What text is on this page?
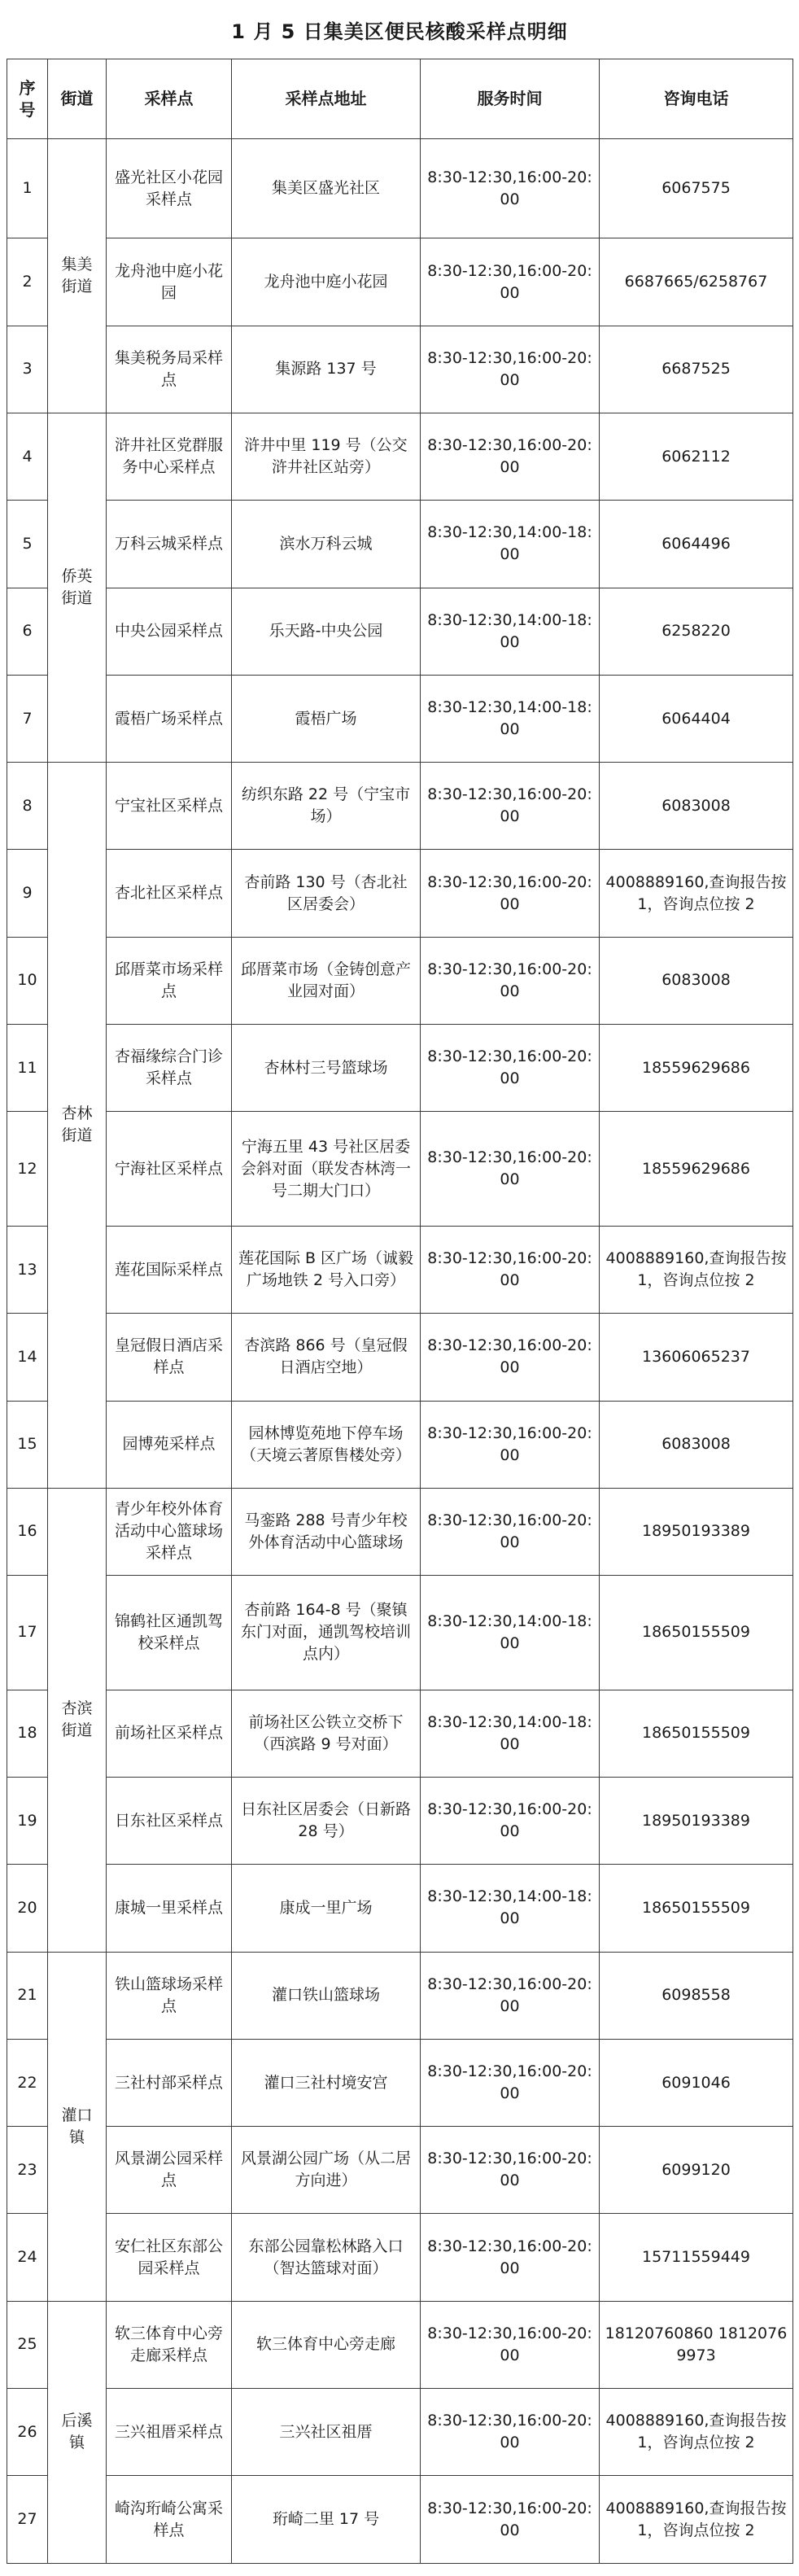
1 月 5 日集美区便民核酸采样点明细
序号	街道	采样点	采样点地址	服务时间	咨询电话
1	集美街道	盛光社区小花园采样点	集美区盛光社区	8:30-12:30,16:00-20:00	6067575
2		龙舟池中庭小花园	龙舟池中庭小花园	8:30-12:30,16:00-20:00	6687665/6258767
3		集美税务局采样点	集源路 137 号	8:30-12:30,16:00-20:00	6687525
4	侨英街道	浒井社区党群服务中心采样点	浒井中里 119 号（公交浒井社区站旁）	8:30-12:30,16:00-20:00	6062112
5		万科云城采样点	滨水万科云城	8:30-12:30,14:00-18:00	6064496
6		中央公园采样点	乐天路-中央公园	8:30-12:30,14:00-18:00	6258220
7		霞梧广场采样点	霞梧广场	8:30-12:30,14:00-18:00	6064404
8	杏林街道	宁宝社区采样点	纺织东路 22 号（宁宝市场）	8:30-12:30,16:00-20:00	6083008
9		杏北社区采样点	杏前路 130 号（杏北社区居委会）	8:30-12:30,16:00-20:00	4008889160,查询报告按 1，咨询点位按 2
10		邱厝菜市场采样点	邱厝菜市场（金铸创意产业园对面）	8:30-12:30,16:00-20:00	6083008
11		杏福缘综合门诊采样点	杏林村三号篮球场	8:30-12:30,16:00-20:00	18559629686
12		宁海社区采样点	宁海五里 43 号社区居委会斜对面（联发杏林湾一号二期大门口）	8:30-12:30,16:00-20:00	18559629686
13		莲花国际采样点	莲花国际 B 区广场（诚毅广场地铁 2 号入口旁）	8:30-12:30,16:00-20:00	4008889160,查询报告按 1，咨询点位按 2
14		皇冠假日酒店采样点	杏滨路 866 号（皇冠假日酒店空地）	8:30-12:30,16:00-20:00	13606065237
15		园博苑采样点	园林博览苑地下停车场（天境云著原售楼处旁）	8:30-12:30,16:00-20:00	6083008
16	杏滨街道	青少年校外体育活动中心篮球场采样点	马銮路 288 号青少年校外体育活动中心篮球场	8:30-12:30,16:00-20:00	18950193389
17		锦鹤社区通凯驾校采样点	杏前路 164-8 号（聚镇东门对面，通凯驾校培训点内）	8:30-12:30,14:00-18:00	18650155509
18		前场社区采样点	前场社区公铁立交桥下（西滨路 9 号对面）	8:30-12:30,14:00-18:00	18650155509
19		日东社区采样点	日东社区居委会（日新路 28 号）	8:30-12:30,16:00-20:00	18950193389
20		康城一里采样点	康成一里广场	8:30-12:30,14:00-18:00	18650155509
21	灌口镇	铁山篮球场采样点	灌口铁山篮球场	8:30-12:30,16:00-20:00	6098558
22		三社村部采样点	灌口三社村境安宫	8:30-12:30,16:00-20:00	6091046
23		风景湖公园采样点	风景湖公园广场（从二居方向进）	8:30-12:30,16:00-20:00	6099120
24		安仁社区东部公园采样点	东部公园靠松林路入口（智达篮球对面）	8:30-12:30,16:00-20:00	15711559449
25	后溪镇	软三体育中心旁走廊采样点	软三体育中心旁走廊	8:30-12:30,16:00-20:00	18120760860 18120769973
26		三兴祖厝采样点	三兴社区祖厝	8:30-12:30,16:00-20:00	4008889160,查询报告按 1，咨询点位按 2
27		崎沟珩崎公寓采样点	珩崎二里 17 号	8:30-12:30,16:00-20:00	4008889160,查询报告按 1，咨询点位按 2
